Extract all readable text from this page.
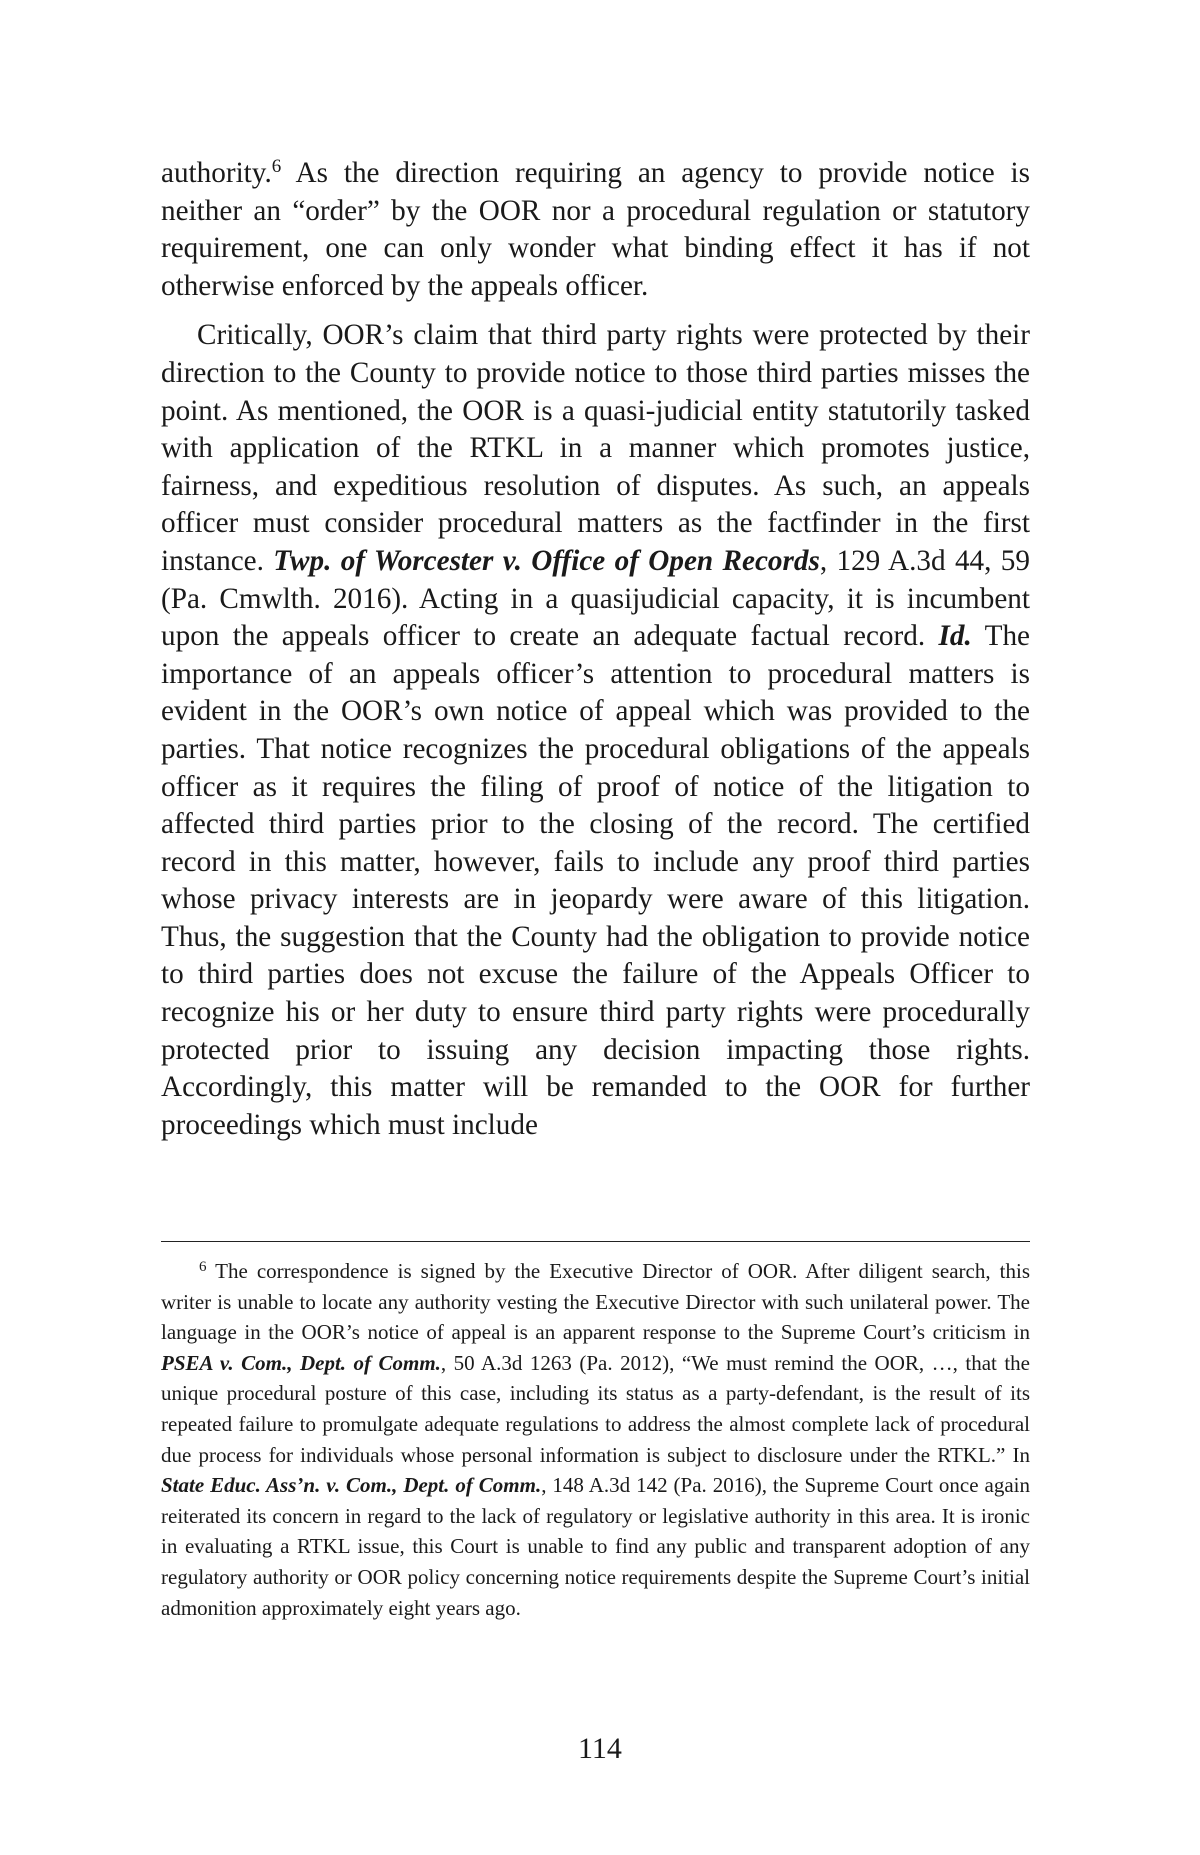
authority.$^6$ As the direction requiring an agency to provide notice is neither an “order” by the OOR nor a procedural regulation or statutory requirement, one can only wonder what binding effect it has if not otherwise enforced by the appeals officer.

Critically, OOR’s claim that third party rights were protected by their direction to the County to provide notice to those third parties misses the point. As mentioned, the OOR is a quasi-judicial entity statutorily tasked with application of the RTKL in a manner which promotes justice, fairness, and expeditious resolution of disputes. As such, an appeals officer must consider procedural matters as the factfinder in the first instance. Twp. of Worcester v. Office of Open Records, 129 A.3d 44, 59 (Pa. Cmwlth. 2016). Acting in a quasijudicial capacity, it is incumbent upon the appeals officer to create an adequate factual record. Id. The importance of an appeals officer’s attention to procedural matters is evident in the OOR’s own notice of appeal which was provided to the parties. That notice recognizes the procedural obligations of the appeals officer as it requires the filing of proof of notice of the litigation to affected third parties prior to the closing of the record. The certified record in this matter, however, fails to include any proof third parties whose privacy interests are in jeopardy were aware of this litigation. Thus, the suggestion that the County had the obligation to provide notice to third parties does not excuse the failure of the Appeals Officer to recognize his or her duty to ensure third party rights were procedurally protected prior to issuing any decision impacting those rights. Accordingly, this matter will be remanded to the OOR for further proceedings which must include

$^6$ The correspondence is signed by the Executive Director of OOR. After diligent search, this writer is unable to locate any authority vesting the Executive Director with such unilateral power. The language in the OOR’s notice of appeal is an apparent response to the Supreme Court’s criticism in PSEA v. Com., Dept. of Comm., 50 A.3d 1263 (Pa. 2012), “We must remind the OOR, …, that the unique procedural posture of this case, including its status as a party-defendant, is the result of its repeated failure to promulgate adequate regulations to address the almost complete lack of procedural due process for individuals whose personal information is subject to disclosure under the RTKL.” In State Educ. Ass’n. v. Com., Dept. of Comm., 148 A.3d 142 (Pa. 2016), the Supreme Court once again reiterated its concern in regard to the lack of regulatory or legislative authority in this area. It is ironic in evaluating a RTKL issue, this Court is unable to find any public and transparent adoption of any regulatory authority or OOR policy concerning notice requirements despite the Supreme Court’s initial admonition approximately eight years ago.

114
